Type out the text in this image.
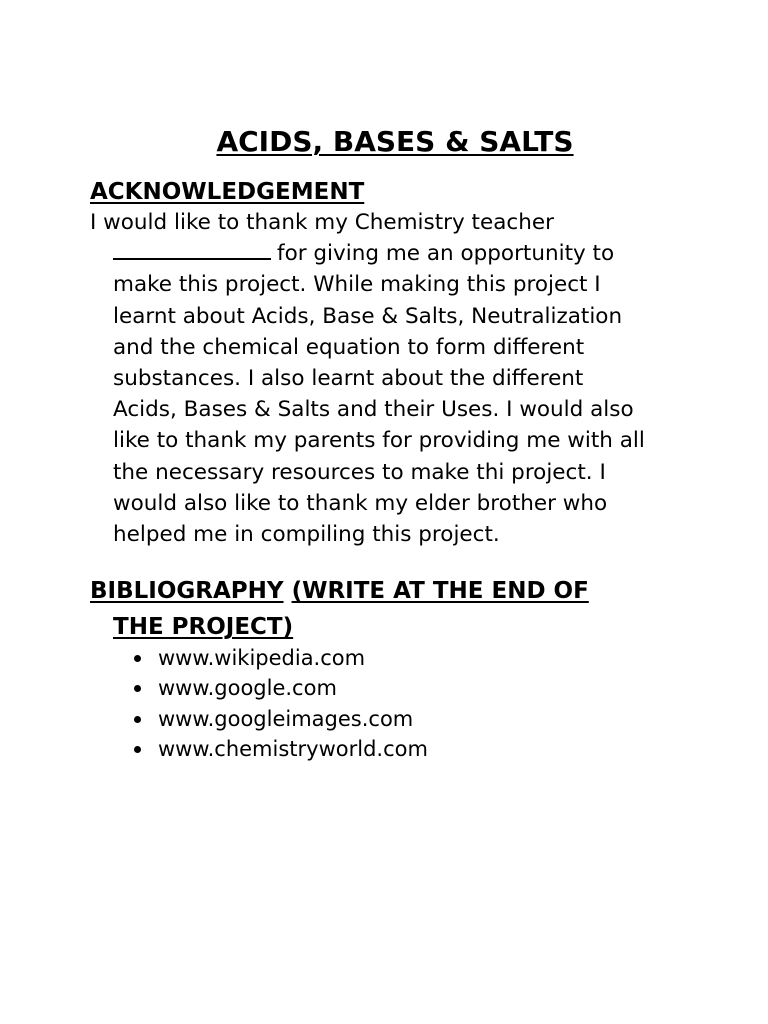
ACIDS, BASES & SALTS
ACKNOWLEDGEMENT
I would like to thank my Chemistry teacher
for giving me an opportunity to
make this project. While making this project I
learnt about Acids, Base & Salts, Neutralization
and the chemical equation to form different
substances. I also learnt about the different
Acids, Bases & Salts and their Uses. I would also
like to thank my parents for providing me with all
the necessary resources to make thi project. I
would also like to thank my elder brother who
helped me in compiling this project.
BIBLIOGRAPHY (WRITE AT THE END OF
THE PROJECT)
www.wikipedia.com
www.google.com
www.googleimages.com
www.chemistryworld.com
